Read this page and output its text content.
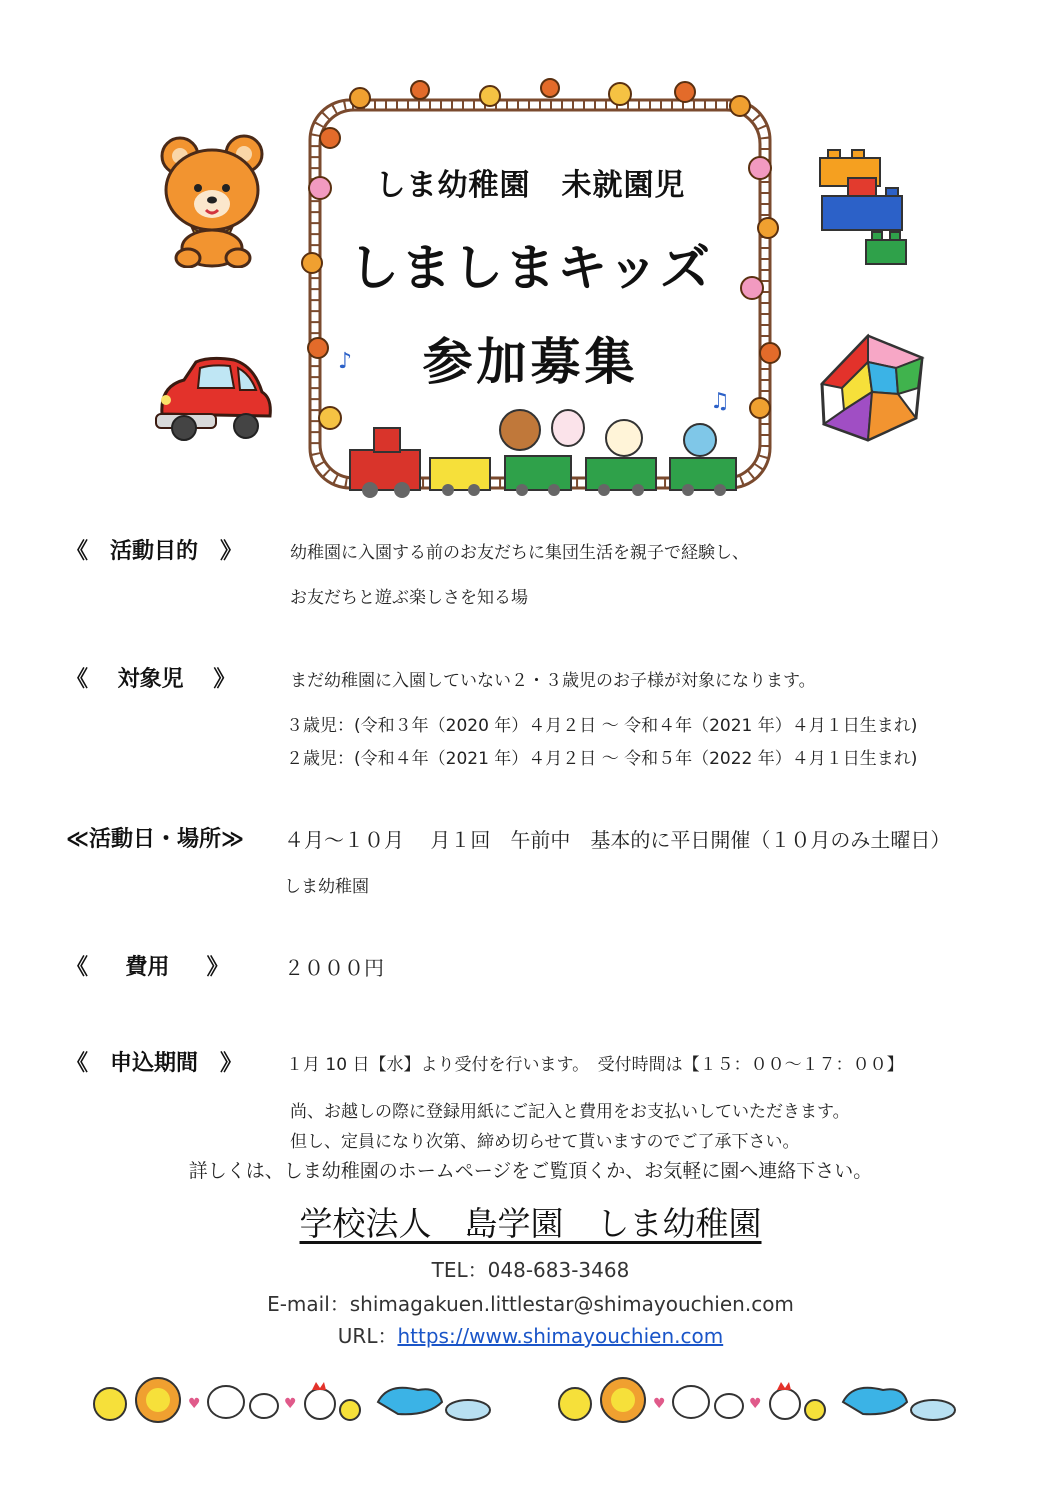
♪
♫
しま幼稚園　未就園児
しましまキッズ
参加募集
《　活動目的　》	幼稚園に入園する前のお友だちに集団生活を親子で経験し、
お友だちと遊ぶ楽しさを知る場
《　 対象児 　》	まだ幼稚園に入園していない２・３歳児のお子様が対象になります。
３歳児：(令和３年（2020 年）４月２日 ～ 令和４年（2021 年）４月１日生まれ)
２歳児：(令和４年（2021 年）４月２日 ～ 令和５年（2022 年）４月１日生まれ)
≪活動日・場所≫ ４月～１０月　 月１回　午前中　基本的に平日開催（１０月のみ土曜日）
しま幼稚園
《　  費用　  》	２０００円
《　申込期間　》	１月 10 日【水】より受付を行います。　受付時間は【１５：００～１７：００】
尚、お越しの際に登録用紙にご記入と費用をお支払いしていただきます。
但し、定員になり次第、締め切らせて貰いますのでご了承下さい。
詳しくは、しま幼稚園のホームページをご覧頂くか、お気軽に園へ連絡下さい。
学校法人　島学園　しま幼稚園
TEL：048-683-3468
E-mail：shimagakuen.littlestar@shimayouchien.com
URL：https://www.shimayouchien.com
♥	♥	♥	♥
